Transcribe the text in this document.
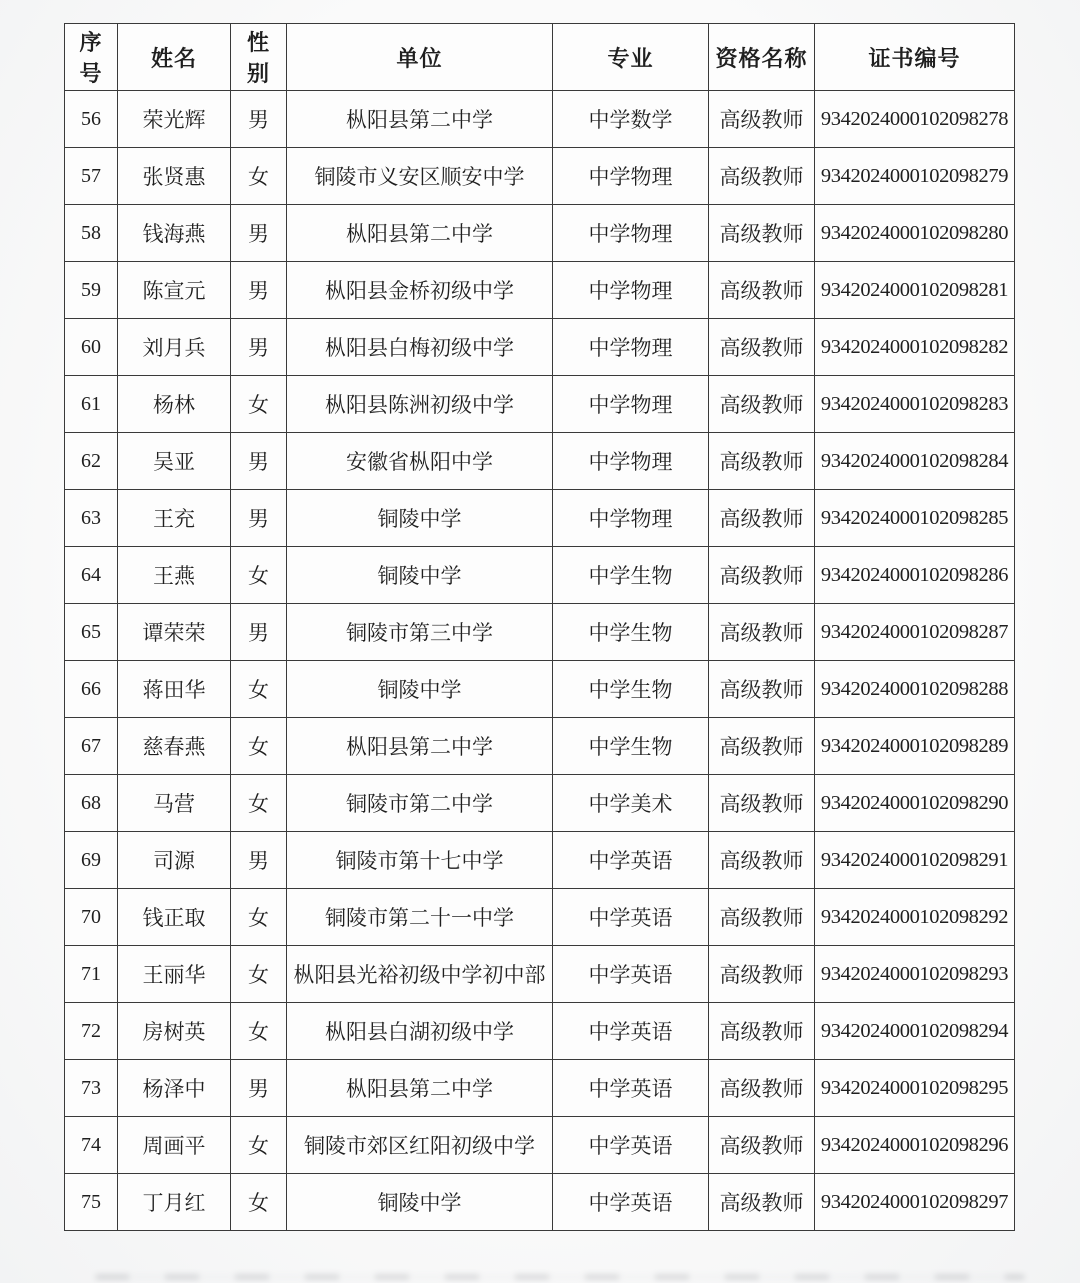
序号	姓名	性别	单位	专业	资格名称	证书编号
56	荣光辉	男	枞阳县第二中学	中学数学	高级教师	9342024000102098278
57	张贤惠	女	铜陵市义安区顺安中学	中学物理	高级教师	9342024000102098279
58	钱海燕	男	枞阳县第二中学	中学物理	高级教师	9342024000102098280
59	陈宣元	男	枞阳县金桥初级中学	中学物理	高级教师	9342024000102098281
60	刘月兵	男	枞阳县白梅初级中学	中学物理	高级教师	9342024000102098282
61	杨林	女	枞阳县陈洲初级中学	中学物理	高级教师	9342024000102098283
62	吴亚	男	安徽省枞阳中学	中学物理	高级教师	9342024000102098284
63	王充	男	铜陵中学	中学物理	高级教师	9342024000102098285
64	王燕	女	铜陵中学	中学生物	高级教师	9342024000102098286
65	谭荣荣	男	铜陵市第三中学	中学生物	高级教师	9342024000102098287
66	蒋田华	女	铜陵中学	中学生物	高级教师	9342024000102098288
67	慈春燕	女	枞阳县第二中学	中学生物	高级教师	9342024000102098289
68	马营	女	铜陵市第二中学	中学美术	高级教师	9342024000102098290
69	司源	男	铜陵市第十七中学	中学英语	高级教师	9342024000102098291
70	钱正取	女	铜陵市第二十一中学	中学英语	高级教师	9342024000102098292
71	王丽华	女	枞阳县光裕初级中学初中部	中学英语	高级教师	9342024000102098293
72	房树英	女	枞阳县白湖初级中学	中学英语	高级教师	9342024000102098294
73	杨泽中	男	枞阳县第二中学	中学英语	高级教师	9342024000102098295
74	周画平	女	铜陵市郊区红阳初级中学	中学英语	高级教师	9342024000102098296
75	丁月红	女	铜陵中学	中学英语	高级教师	9342024000102098297
